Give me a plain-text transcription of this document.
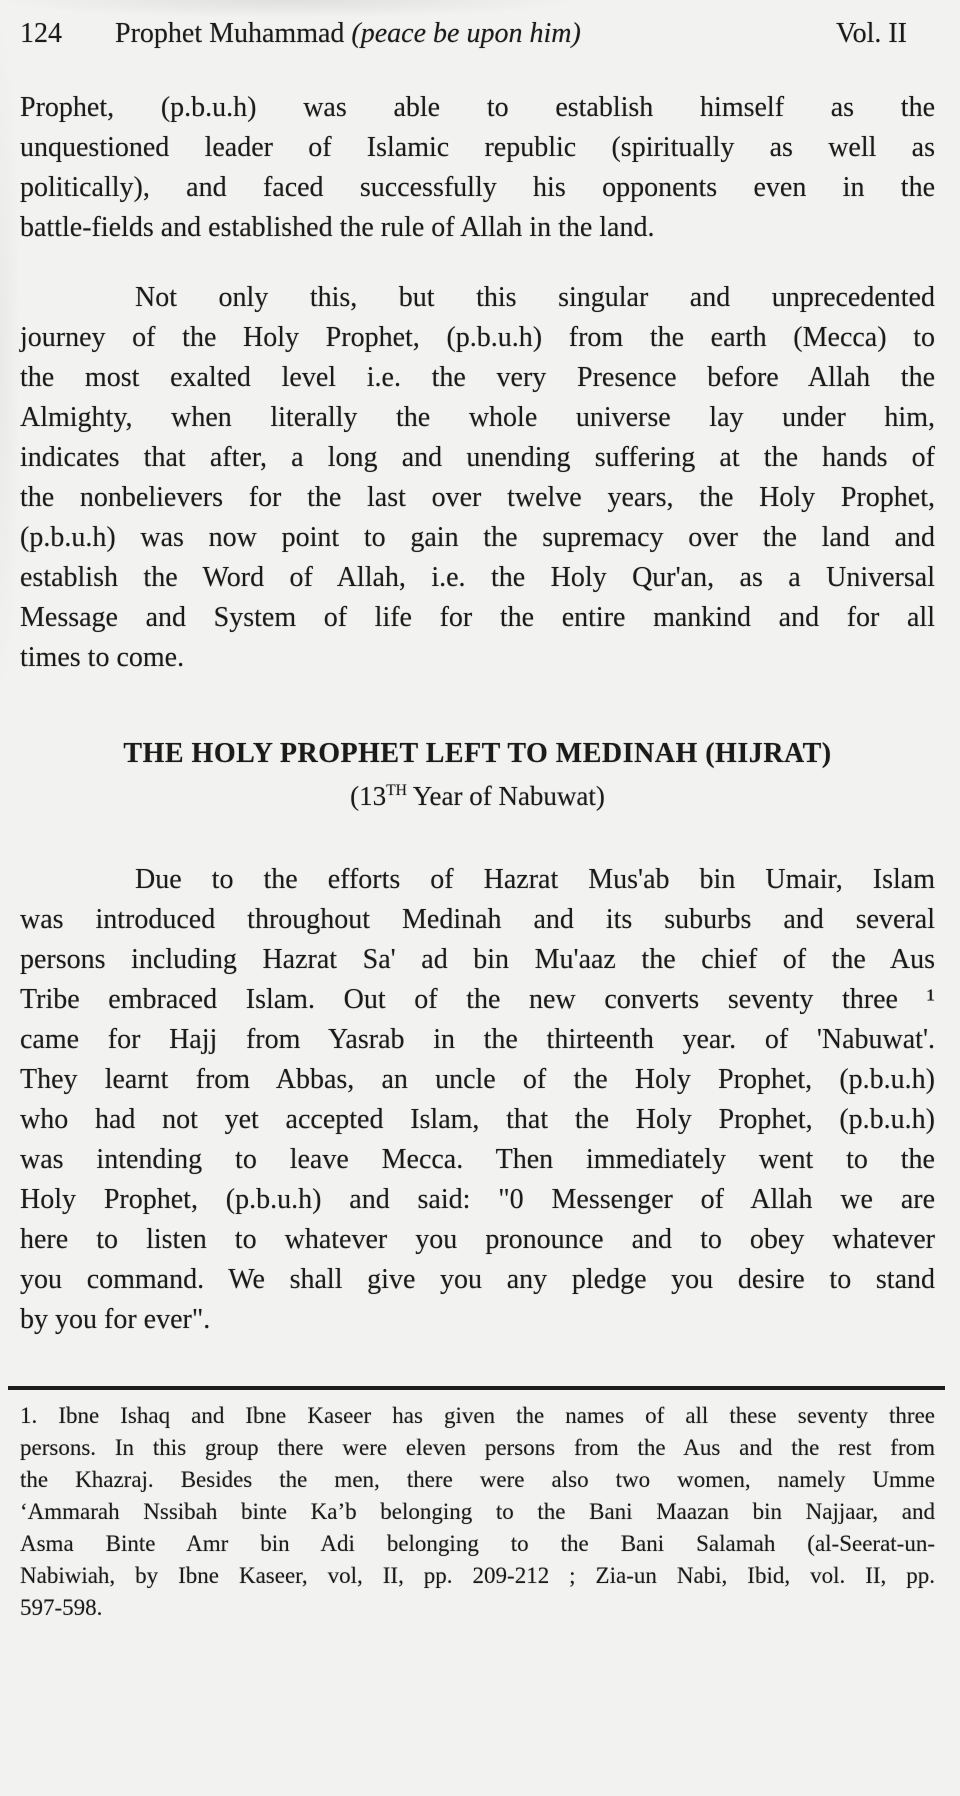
124	Prophet Muhammad (peace be upon him)	Vol. II
Prophet, (p.b.u.h) was able to establish himself as the
unquestioned leader of Islamic republic (spiritually as well as
politically), and faced successfully his opponents even in the
battle-fields and established the rule of Allah in the land.
Not only this, but this singular and unprecedented
journey of the Holy Prophet, (p.b.u.h) from the earth (Mecca) to
the most exalted level i.e. the very Presence before Allah the
Almighty, when literally the whole universe lay under him,
indicates that after, a long and unending suffering at the hands of
the nonbelievers for the last over twelve years, the Holy Prophet,
(p.b.u.h) was now point to gain the supremacy over the land and
establish the Word of Allah, i.e. the Holy Qur'an, as a Universal
Message and System of life for the entire mankind and for all
times to come.
THE HOLY PROPHET LEFT TO MEDINAH (HIJRAT)
(13TH Year of Nabuwat)
Due to the efforts of Hazrat Mus'ab bin Umair, Islam
was introduced throughout Medinah and its suburbs and several
persons including Hazrat Sa' ad bin Mu'aaz the chief of the Aus
Tribe embraced Islam. Out of the new converts seventy three ¹
came for Hajj from Yasrab in the thirteenth year. of 'Nabuwat'.
They learnt from Abbas, an uncle of the Holy Prophet, (p.b.u.h)
who had not yet accepted Islam, that the Holy Prophet, (p.b.u.h)
was intending to leave Mecca. Then immediately went to the
Holy Prophet, (p.b.u.h) and said: "0 Messenger of Allah we are
here to listen to whatever you pronounce and to obey whatever
you command. We shall give you any pledge you desire to stand
by you for ever".
1. Ibne Ishaq and Ibne Kaseer has given the names of all these seventy three
persons. In this group there were eleven persons from the Aus and the rest from
the Khazraj. Besides the men, there were also two women, namely Umme
‘Ammarah Nssibah binte Ka’b belonging to the Bani Maazan bin Najjaar, and
Asma Binte Amr bin Adi belonging to the Bani Salamah (al-Seerat-un-
Nabiwiah, by Ibne Kaseer, vol, II, pp. 209-212 ; Zia-un Nabi, Ibid, vol. II, pp.
597-598.
